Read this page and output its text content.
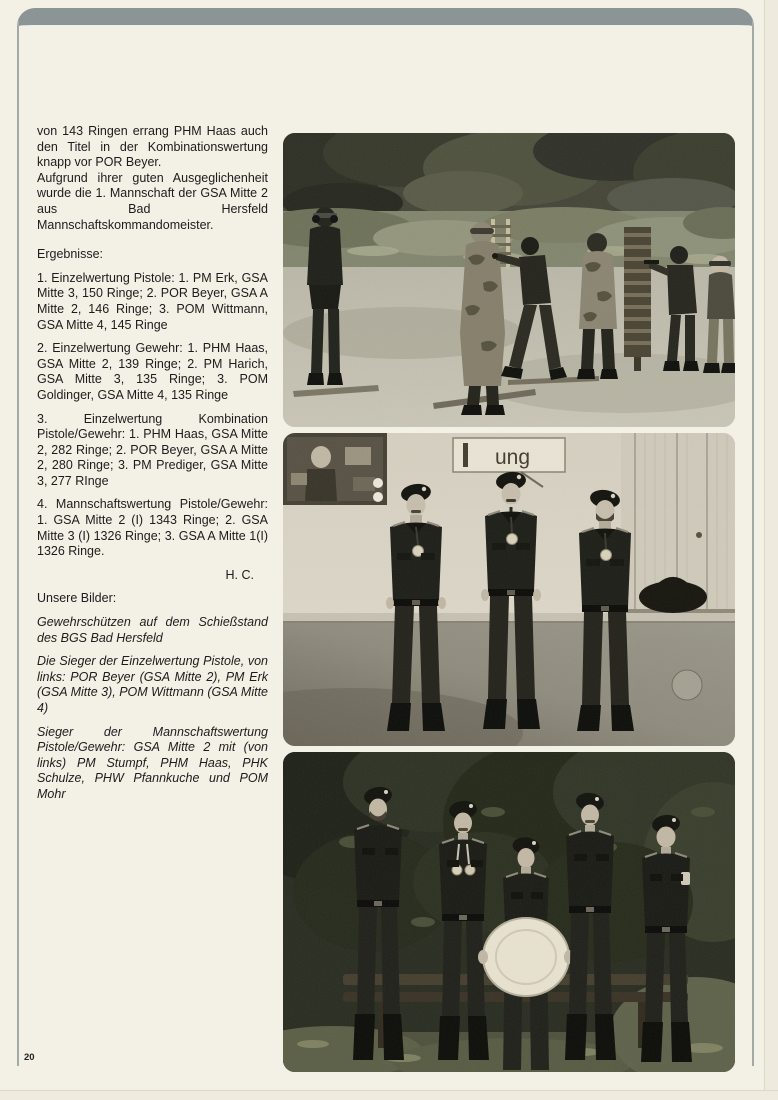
von 143 Ringen errang PHM Haas auch den Titel in der Kombinationswertung knapp vor POR Beyer.

Aufgrund ihrer guten Ausgeglichenheit wurde die 1. Mannschaft der GSA Mitte 2 aus Bad Hersfeld Mannschaftskommandomeister.

Ergebnisse:

1. Einzelwertung Pistole: 1. PM Erk, GSA Mitte 3, 150 Ringe; 2. POR Beyer, GSA A Mitte 2, 146 Ringe; 3. POM Wittmann, GSA Mitte 4, 145 Ringe

2. Einzelwertung Gewehr: 1. PHM Haas, GSA Mitte 2, 139 Ringe; 2. PM Harich, GSA Mitte 3, 135 Ringe; 3. POM Goldinger, GSA Mitte 4, 135 Ringe

3. Einzelwertung Kombination Pistole/Gewehr: 1. PHM Haas, GSA Mitte 2, 282 Ringe; 2. POR Beyer, GSA A Mitte 2, 280 Ringe; 3. PM Prediger, GSA Mitte 3, 277 RInge

4. Mannschaftswertung Pistole/Gewehr: 1. GSA Mitte 2 (I) 1343 Ringe; 2. GSA Mitte 3 (I) 1326 Ringe; 3. GSA A Mitte 1(I) 1326 Ringe.

H. C.

Unsere Bilder:

Gewehrschützen auf dem Schießstand des BGS Bad Hersfeld

Die Sieger der Einzelwertung Pistole, von links: POR Beyer (GSA Mitte 2), PM Erk (GSA Mitte 3), POM Wittmann (GSA Mitte 4)

Sieger der Mannschaftswertung Pistole/Gewehr: GSA Mitte 2 mit (von links) PM Stumpf, PHM Haas, PHK Schulze, PHW Pfannkuche und POM Mohr

ung
20
